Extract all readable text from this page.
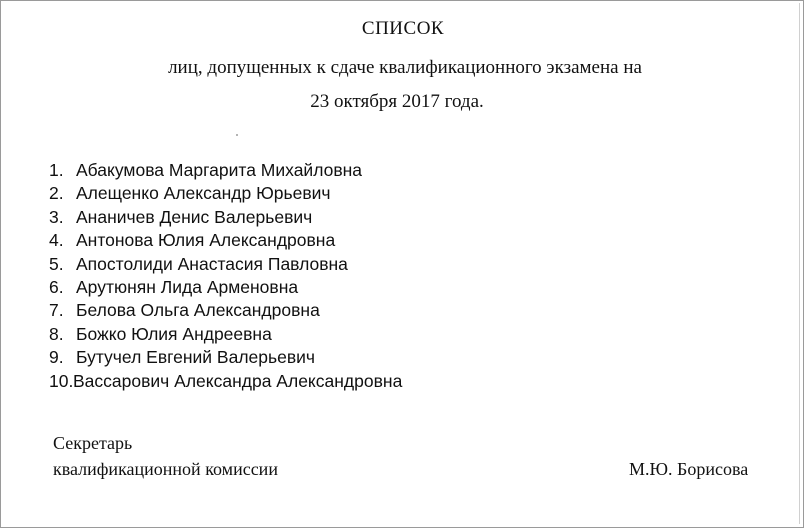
СПИСОК
лиц, допущенных к сдаче квалификационного экзамена на
23 октября 2017 года.
1. Абакумова Маргарита Михайловна
2. Алещенко Александр Юрьевич
3. Ананичев Денис Валерьевич
4. Антонова Юлия Александровна
5. Апостолиди Анастасия Павловна
6. Арутюнян Лида Арменовна
7. Белова Ольга Александровна
8. Божко Юлия Андреевна
9. Бутучел Евгений Валерьевич
10.Вассарович Александра Александровна
Секретарь
квалификационной комиссии	М.Ю. Борисова
